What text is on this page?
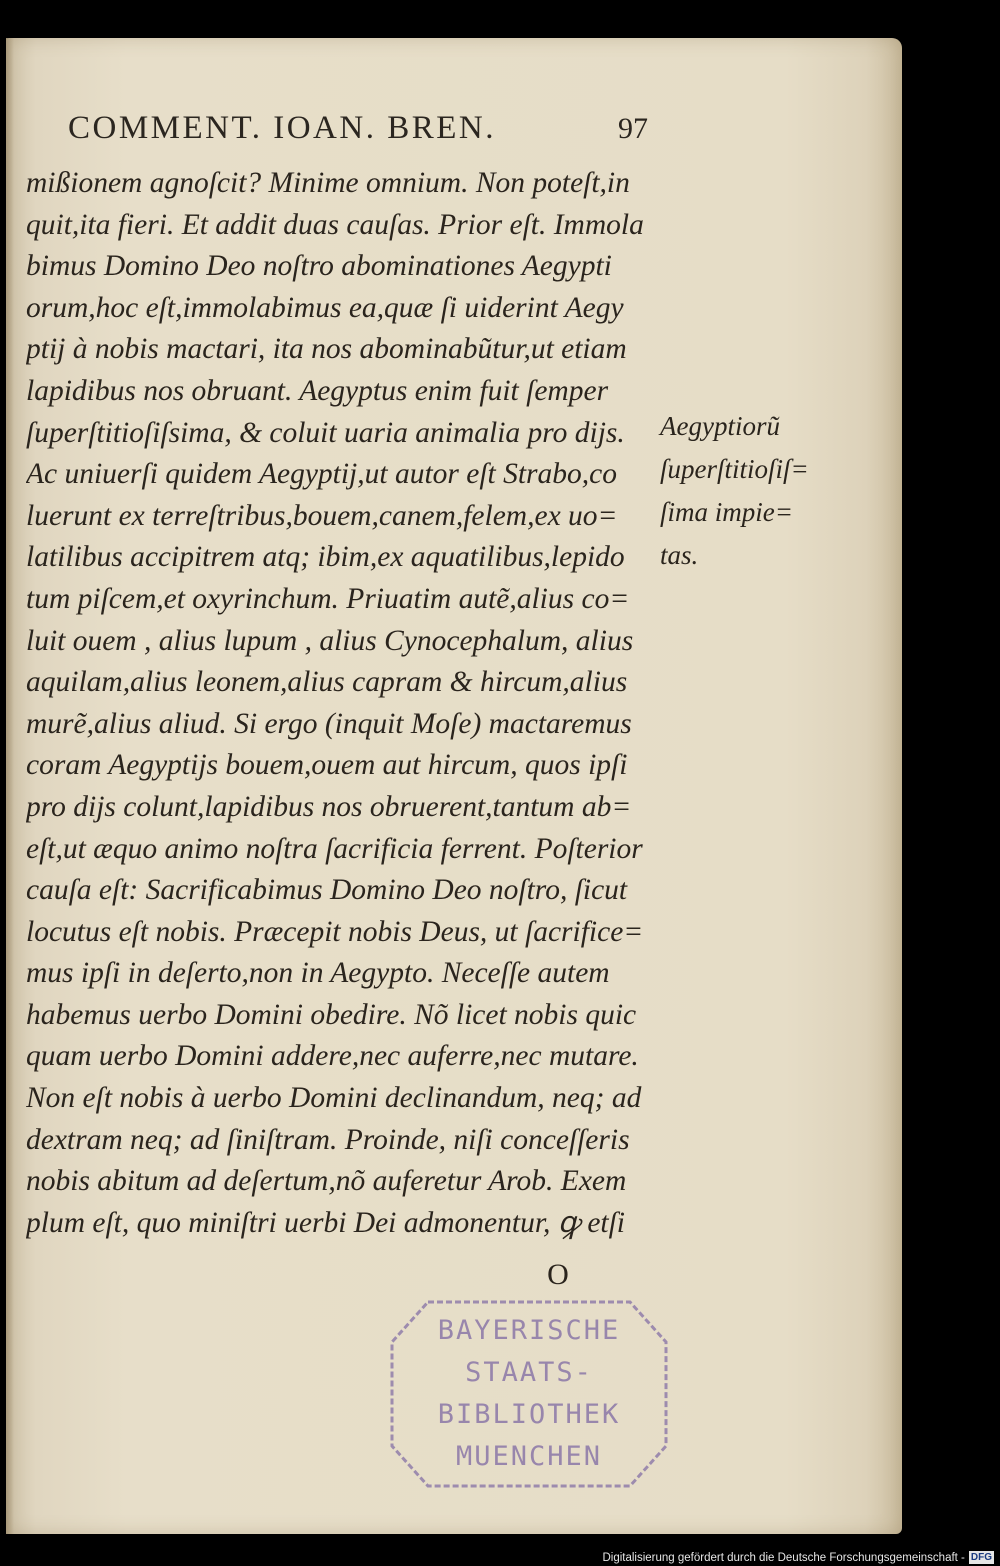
COMMENT. IOAN. BREN.	97
mißionem agnoſcit? Minime omnium. Non poteſt,in
quit,ita fieri. Et addit duas cauſas. Prior eſt. Immola
bimus Domino Deo noſtro abominationes Aegypti
orum,hoc eſt,immolabimus ea,quæ ſi uiderint Aegy
ptij à nobis mactari, ita nos abominabũtur,ut etiam
lapidibus nos obruant. Aegyptus enim fuit ſemper
ſuperſtitioſiſsima, & coluit uaria animalia pro dijs.
Ac uniuerſi quidem Aegyptij,ut autor eſt Strabo,co
luerunt ex terreſtribus,bouem,canem,felem,ex uo=
latilibus accipitrem atq; ibim,ex aquatilibus,lepido
tum piſcem,et oxyrinchum. Priuatim autẽ,alius co=
luit ouem , alius lupum , alius Cynocephalum, alius
aquilam,alius leonem,alius capram & hircum,alius
murẽ,alius aliud. Si ergo (inquit Moſe) mactaremus
coram Aegyptijs bouem,ouem aut hircum, quos ipſi
pro dijs colunt,lapidibus nos obruerent,tantum ab=
eſt,ut æquo animo noſtra ſacrificia ferrent. Poſterior
cauſa eſt: Sacrificabimus Domino Deo noſtro, ſicut
locutus eſt nobis. Præcepit nobis Deus, ut ſacrifice=
mus ipſi in deſerto,non in Aegypto. Neceſſe autem
habemus uerbo Domini obedire. Nõ licet nobis quic
quam uerbo Domini addere,nec auferre,nec mutare.
Non eſt nobis à uerbo Domini declinandum, neq; ad
dextram neq; ad ſiniſtram. Proinde, niſi conceſſeris
nobis abitum ad deſertum,nõ auferetur Arob. Exem
plum eſt, quo miniſtri uerbi Dei admonentur, ꝙ etſi
Aegyptiorũ
ſuperſtitioſiſ=
ſima impie=
tas.
O
BAYERISCHE
STAATS-
BIBLIOTHEK
MUENCHEN
Digitalisierung gefördert durch die Deutsche Forschungsgemeinschaft - DFG
